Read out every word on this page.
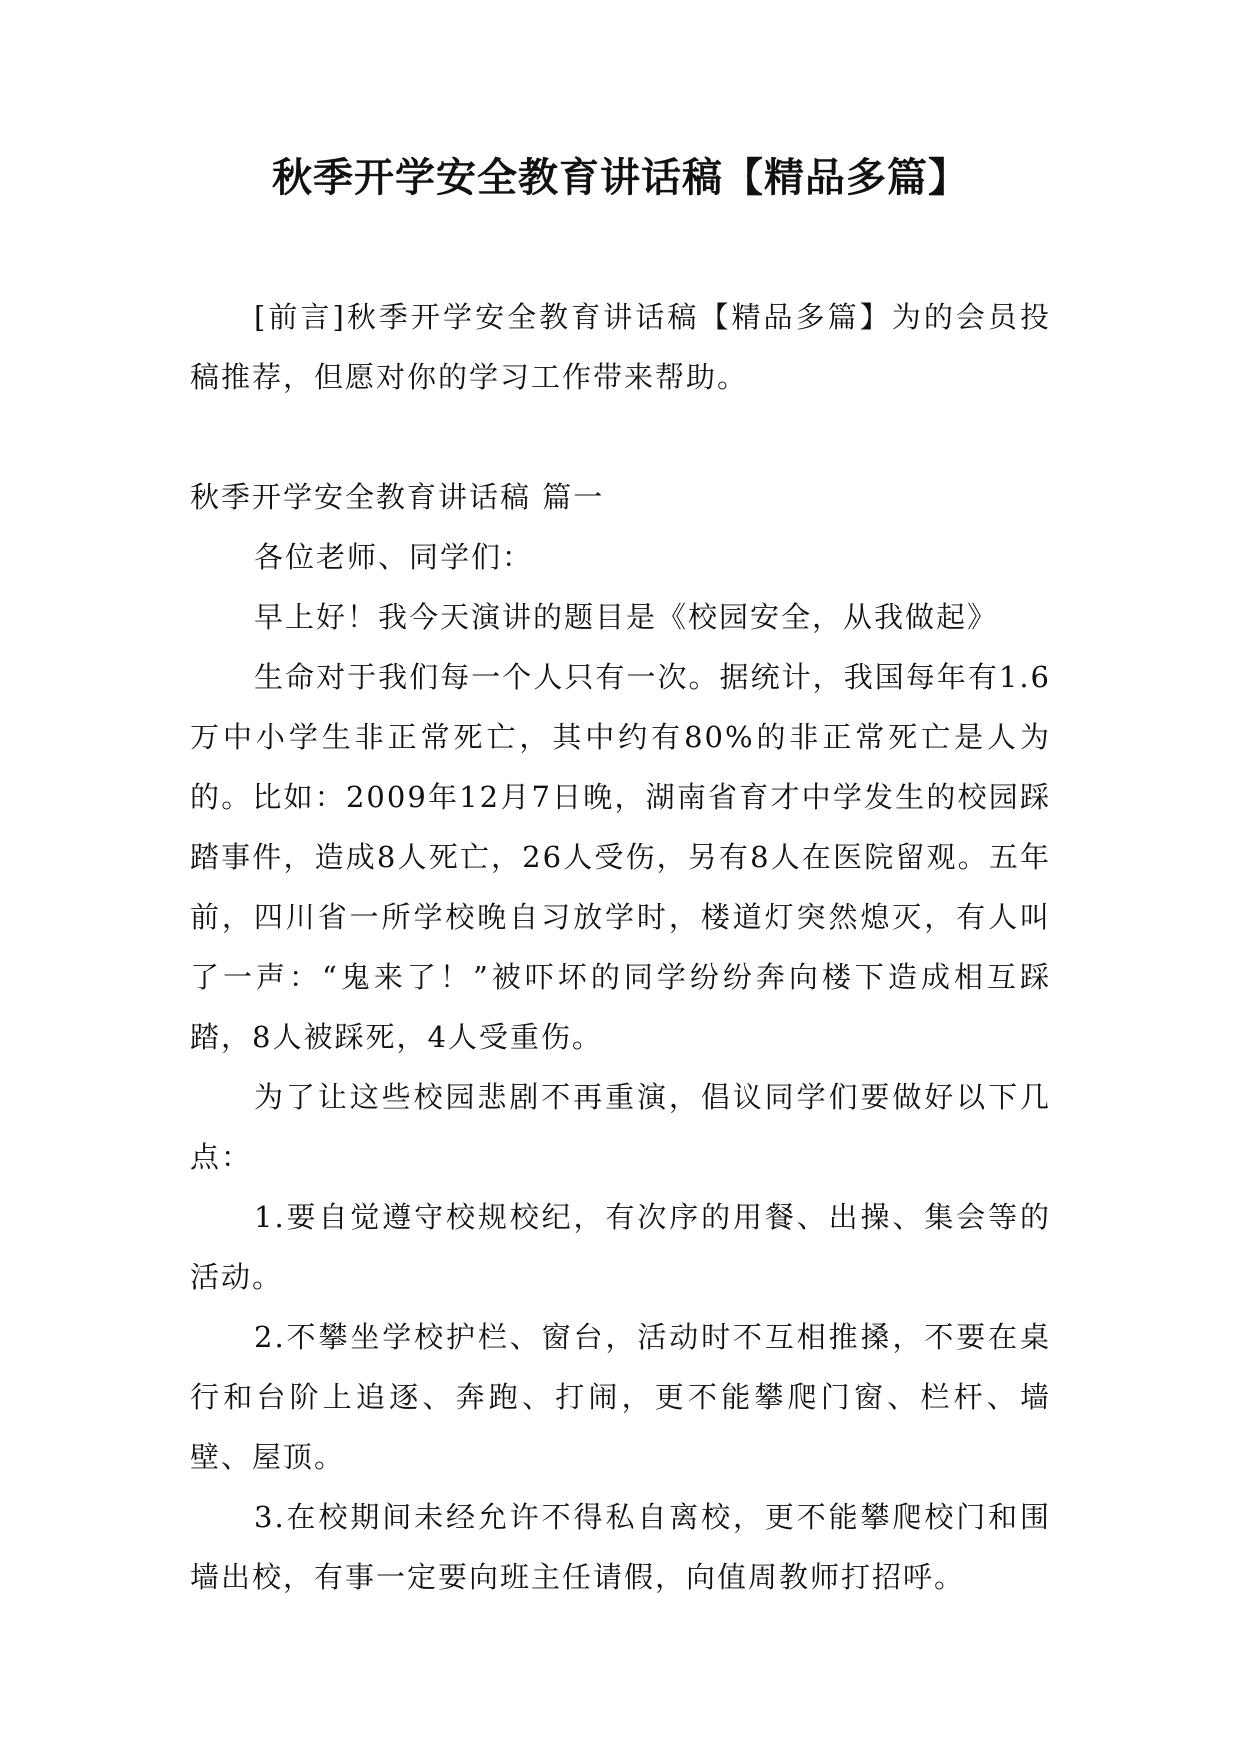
秋季开学安全教育讲话稿【精品多篇】

[前言]秋季开学安全教育讲话稿【精品多篇】为的会员投稿推荐，但愿对你的学习工作带来帮助。

秋季开学安全教育讲话稿 篇一

各位老师、同学们：

早上好！我今天演讲的题目是《校园安全，从我做起》

生命对于我们每一个人只有一次。据统计，我国每年有1.6万中小学生非正常死亡，其中约有80%的非正常死亡是人为的。比如：2009年12月7日晚，湖南省育才中学发生的校园踩踏事件，造成8人死亡，26人受伤，另有8人在医院留观。五年前，四川省一所学校晚自习放学时，楼道灯突然熄灭，有人叫了一声：“鬼来了！”被吓坏的同学纷纷奔向楼下造成相互踩踏，8人被踩死，4人受重伤。

为了让这些校园悲剧不再重演，倡议同学们要做好以下几点：

1.要自觉遵守校规校纪，有次序的用餐、出操、集会等的活动。

2.不攀坐学校护栏、窗台，活动时不互相推搡，不要在桌行和台阶上追逐、奔跑、打闹，更不能攀爬门窗、栏杆、墙壁、屋顶。

3.在校期间未经允许不得私自离校，更不能攀爬校门和围墙出校，有事一定要向班主任请假，向值周教师打招呼。
